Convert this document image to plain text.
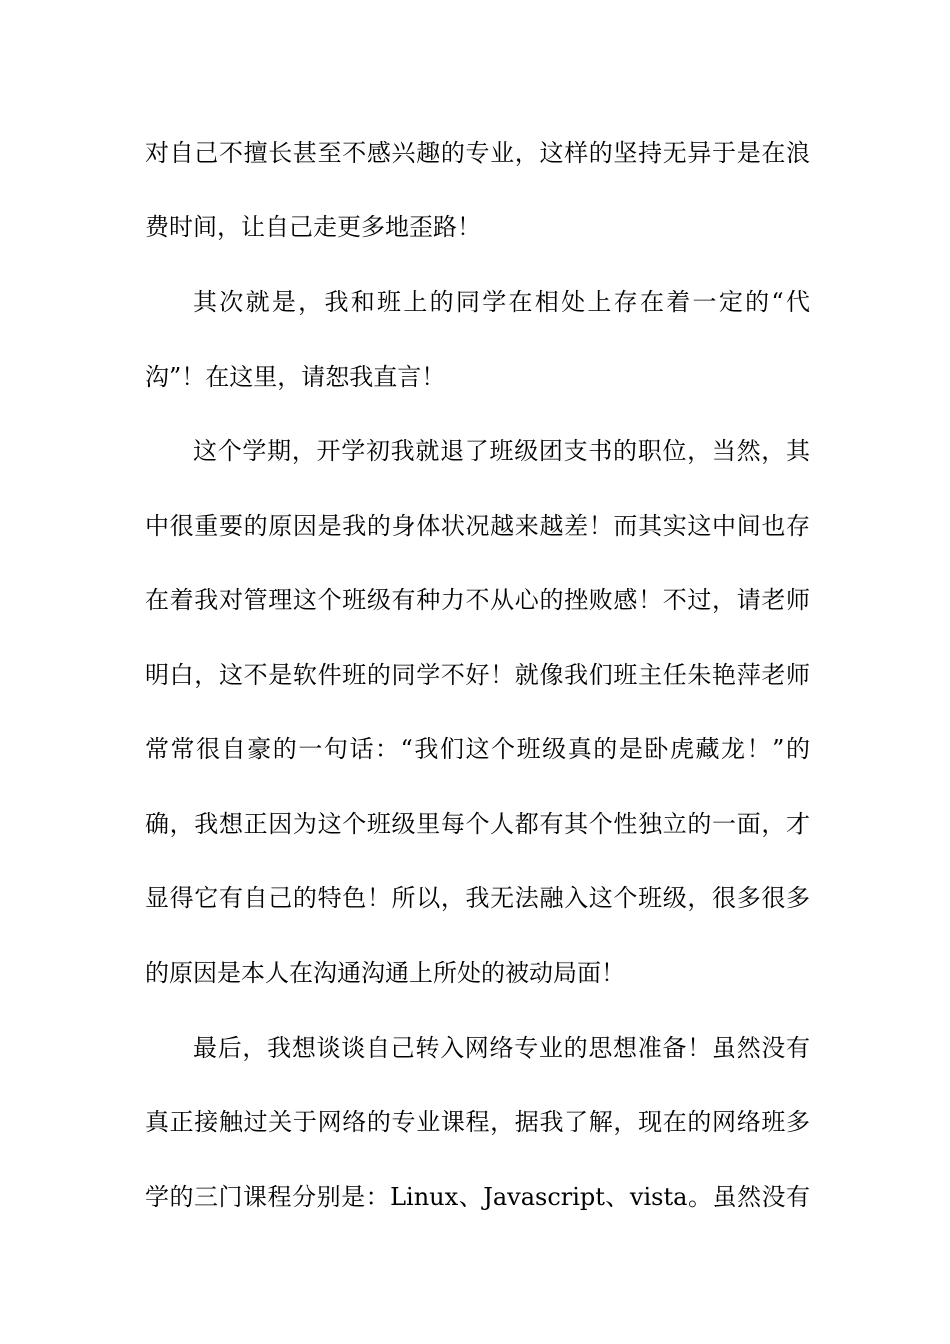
对自己不擅长甚至不感兴趣的专业，这样的坚持无异于是在浪
费时间，让自己走更多地歪路！
其次就是，我和班上的同学在相处上存在着一定的“代
沟”！在这里，请恕我直言！
这个学期，开学初我就退了班级团支书的职位，当然，其
中很重要的原因是我的身体状况越来越差！而其实这中间也存
在着我对管理这个班级有种力不从心的挫败感！不过，请老师
明白，这不是软件班的同学不好！就像我们班主任朱艳萍老师
常常很自豪的一句话：“我们这个班级真的是卧虎藏龙！”的
确，我想正因为这个班级里每个人都有其个性独立的一面，才
显得它有自己的特色！所以，我无法融入这个班级，很多很多
的原因是本人在沟通沟通上所处的被动局面！
最后，我想谈谈自己转入网络专业的思想准备！虽然没有
真正接触过关于网络的专业课程，据我了解，现在的网络班多
学的三门课程分别是：Linux、Javascript、vista。虽然没有
